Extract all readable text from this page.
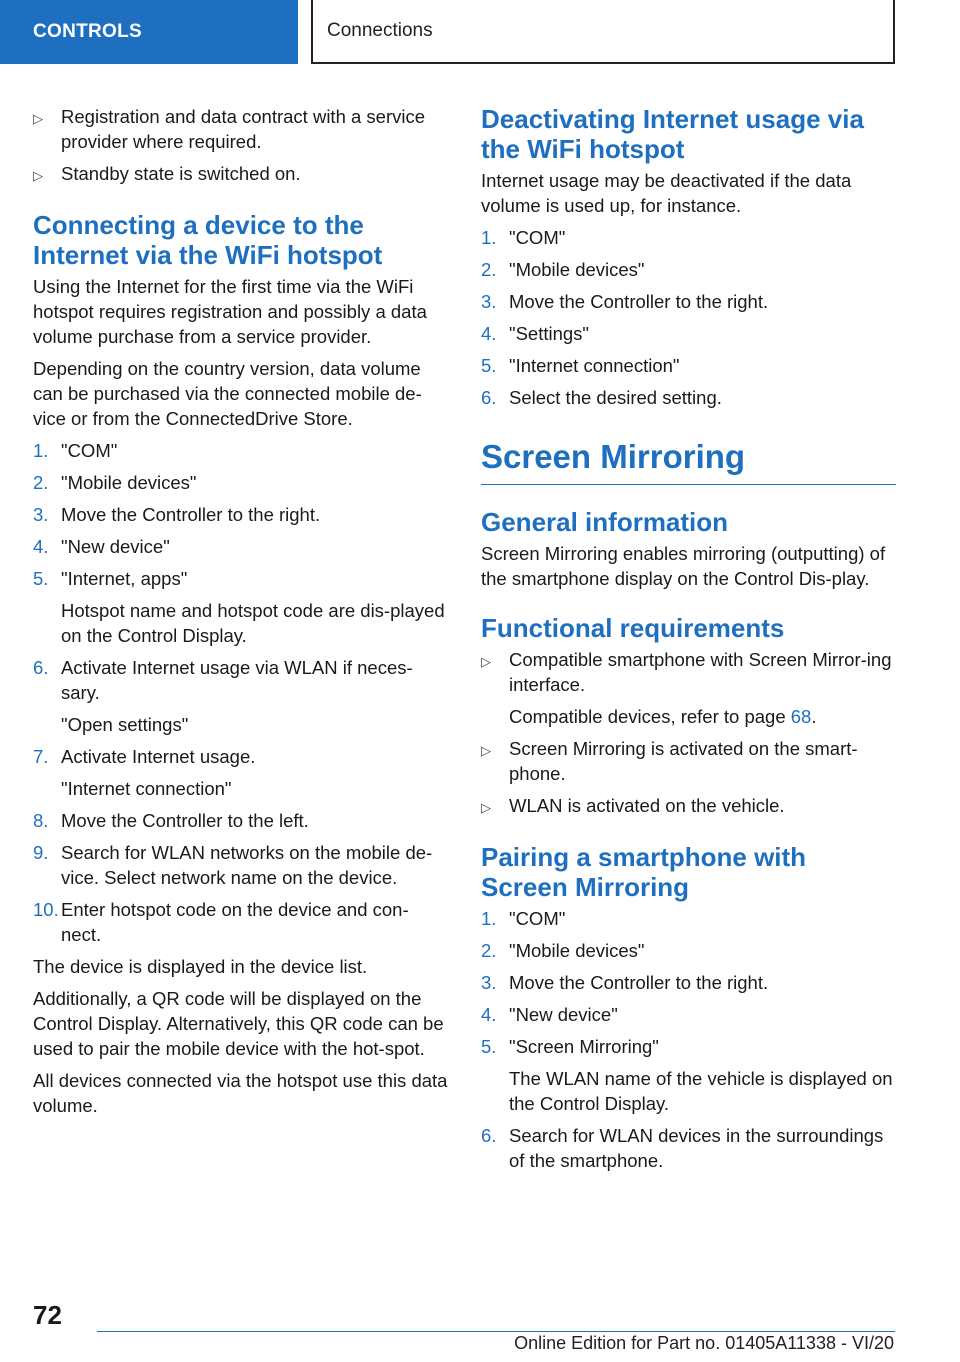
CONTROLS	Connections
▷ Registration and data contract with a service provider where required.
▷ Standby state is switched on.
Connecting a device to the Internet via the WiFi hotspot

Using the Internet for the first time via the WiFi hotspot requires registration and possibly a data volume purchase from a service provider.

Depending on the country version, data volume can be purchased via the connected mobile de‐vice or from the ConnectedDrive Store.

1. "COM"
2. "Mobile devices"
3. Move the Controller to the right.
4. "New device"
5. "Internet, apps"
Hotspot name and hotspot code are dis‐played on the Control Display.
6. Activate Internet usage via WLAN if neces‐sary.
"Open settings"
7. Activate Internet usage.
"Internet connection"
8. Move the Controller to the left.
9. Search for WLAN networks on the mobile de‐vice. Select network name on the device.
10. Enter hotspot code on the device and con‐nect.

The device is displayed in the device list.

Additionally, a QR code will be displayed on the Control Display. Alternatively, this QR code can be used to pair the mobile device with the hot‐spot.

All devices connected via the hotspot use this data volume.

Deactivating Internet usage via the WiFi hotspot

Internet usage may be deactivated if the data volume is used up, for instance.

1. "COM"
2. "Mobile devices"
3. Move the Controller to the right.
4. "Settings"
5. "Internet connection"
6. Select the desired setting.
Screen Mirroring
General information

Screen Mirroring enables mirroring (outputting) of the smartphone display on the Control Dis‐play.

Functional requirements
▷ Compatible smartphone with Screen Mirror‐ing interface.
Compatible devices, refer to page 68.
▷ Screen Mirroring is activated on the smart‐phone.
▷ WLAN is activated on the vehicle.
Pairing a smartphone with Screen Mirroring
1. "COM"
2. "Mobile devices"
3. Move the Controller to the right.
4. "New device"
5. "Screen Mirroring"
The WLAN name of the vehicle is displayed on the Control Display.
6. Search for WLAN devices in the surroundings of the smartphone.
72
Online Edition for Part no. 01405A11338 - VI/20
